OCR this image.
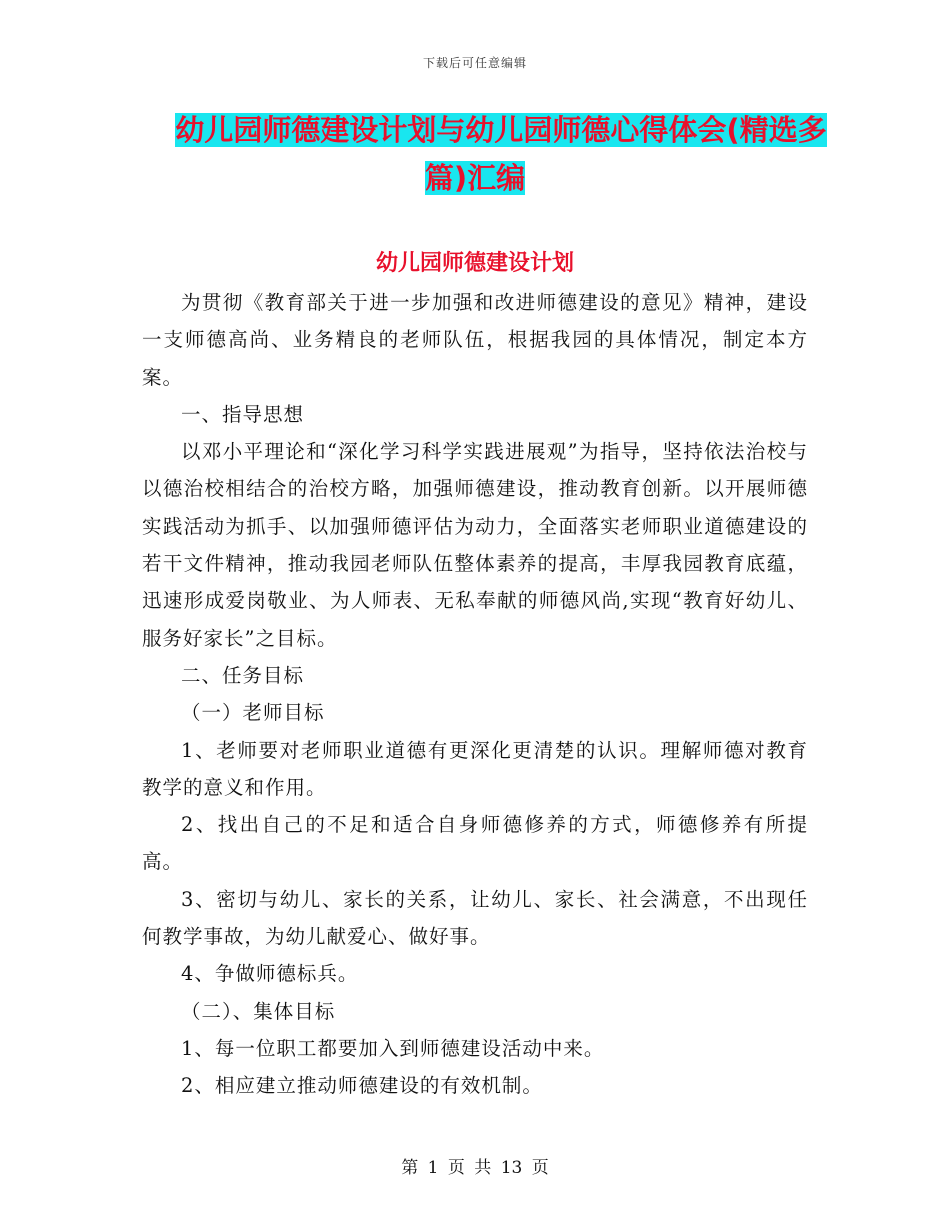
下载后可任意编辑
幼儿园师德建设计划与幼儿园师德心得体会(精选多
篇)汇编
幼儿园师德建设计划

为贯彻《教育部关于进一步加强和改进师德建设的意见》精神，建设一支师德高尚、业务精良的老师队伍，根据我园的具体情况，制定本方案。

一、指导思想

以邓小平理论和“深化学习科学实践进展观”为指导，坚持依法治校与以德治校相结合的治校方略，加强师德建设，推动教育创新。以开展师德实践活动为抓手、以加强师德评估为动力，全面落实老师职业道德建设的若干文件精神，推动我园老师队伍整体素养的提高，丰厚我园教育底蕴，迅速形成爱岗敬业、为人师表、无私奉献的师德风尚,实现“教育好幼儿、服务好家长”之目标。

二、任务目标

（一）老师目标

1、老师要对老师职业道德有更深化更清楚的认识。理解师德对教育教学的意义和作用。

2、找出自己的不足和适合自身师德修养的方式，师德修养有所提高。

3、密切与幼儿、家长的关系，让幼儿、家长、社会满意，不出现任何教学事故，为幼儿献爱心、做好事。

4、争做师德标兵。

（二）、集体目标

1、每一位职工都要加入到师德建设活动中来。

2、相应建立推动师德建设的有效机制。

第 1 页 共 13 页
